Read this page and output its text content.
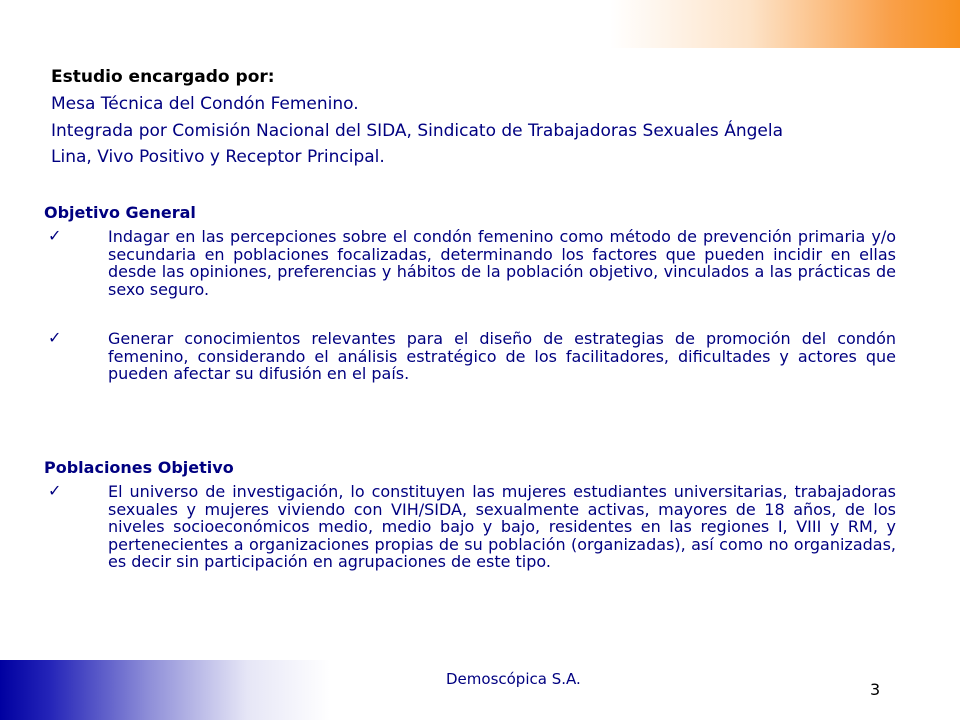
Estudio encargado por:

Mesa Técnica del Condón Femenino.

Integrada por Comisión Nacional del SIDA, Sindicato de Trabajadoras Sexuales Ángela

Lina, Vivo Positivo y Receptor Principal.

Objetivo General

✓	Indagar en las percepciones sobre el condón femenino como método de prevención primaria y/o secundaria en poblaciones focalizadas, determinando los factores que pueden incidir en ellas desde las opiniones, preferencias y hábitos de la población objetivo, vinculados a las prácticas de sexo seguro.

✓	Generar conocimientos relevantes para el diseño de estrategias de promoción del condón femenino, considerando el análisis estratégico de los facilitadores, dificultades y actores que pueden afectar su difusión en el país.

Poblaciones Objetivo

✓	El universo de investigación, lo constituyen las mujeres estudiantes universitarias, trabajadoras sexuales y mujeres viviendo con VIH/SIDA, sexualmente activas, mayores de 18 años, de los niveles socioeconómicos medio, medio bajo y bajo, residentes en las regiones I, VIII y RM, y pertenecientes a organizaciones propias de su población (organizadas), así como no organizadas, es decir sin participación en agrupaciones de este tipo.

Demoscópica S.A.
3
